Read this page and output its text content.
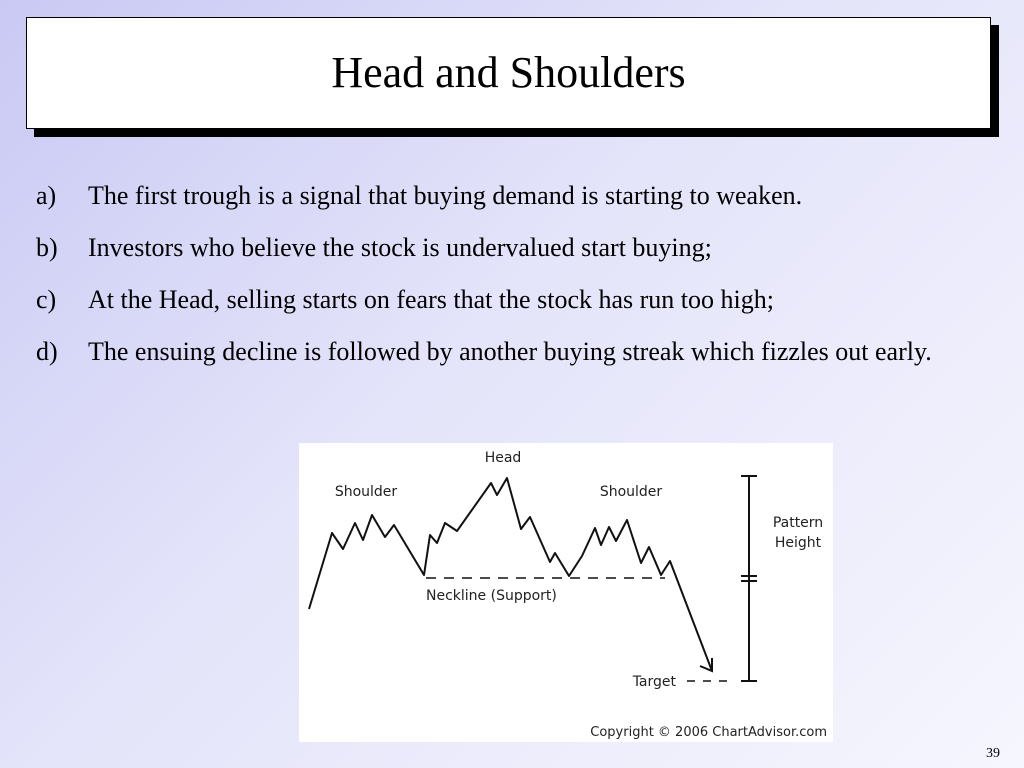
Head and Shoulders
a)	The first trough is a signal that buying demand is starting to weaken.
b)	Investors who believe the stock is undervalued start buying;
c)	At the Head, selling starts on fears that the stock has run too high;
d)	The ensuing decline is followed by another buying streak which fizzles out early.
Head
Shoulder	Shoulder
Pattern
Height
Neckline (Support)
Target
Copyright © 2006 ChartAdvisor.com
39
